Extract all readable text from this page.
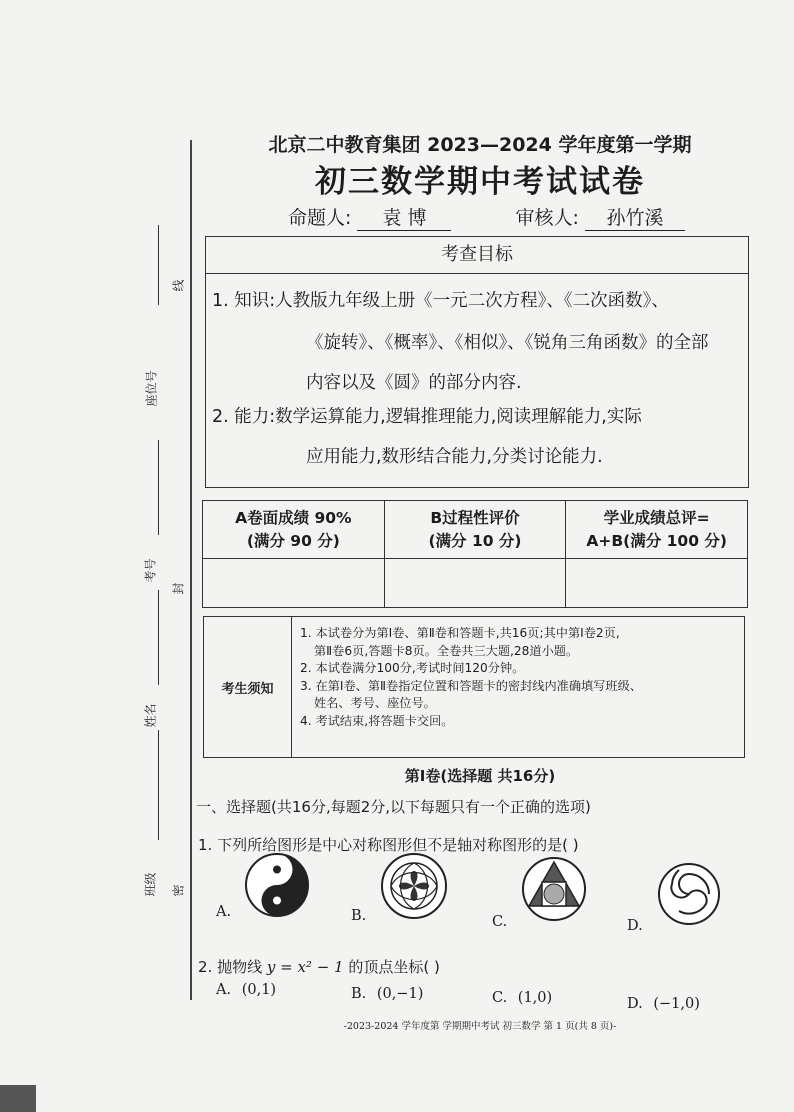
座位号
考号
姓名
班级
线
封
密
北京二中教育集团 2023—2024 学年度第一学期
初三数学期中考试试卷
命题人: 袁 博	审核人: 孙竹溪
考查目标
1. 知识:人教版九年级上册《一元二次方程》、《二次函数》、
《旋转》、《概率》、《相似》、《锐角三角函数》的全部
内容以及《圆》的部分内容.
2. 能力:数学运算能力,逻辑推理能力,阅读理解能力,实际
应用能力,数形结合能力,分类讨论能力.
A卷面成绩 90%
(满分 90 分)	B过程性评价
(满分 10 分)	学业成绩总评=
A+B(满分 100 分)

考生须知
1. 本试卷分为第Ⅰ卷、第Ⅱ卷和答题卡,共16页;其中第Ⅰ卷2页,
第Ⅱ卷6页,答题卡8页。全卷共三大题,28道小题。
2. 本试卷满分100分,考试时间120分钟。
3. 在第Ⅰ卷、第Ⅱ卷指定位置和答题卡的密封线内准确填写班级、
姓名、考号、座位号。
4. 考试结束,将答题卡交回。
第Ⅰ卷(选择题 共16分)
一、选择题(共16分,每题2分,以下每题只有一个正确的选项)
1. 下列所给图形是中心对称图形但不是轴对称图形的是( )
A.	B.	C.	D.
2. 抛物线 y = x² − 1 的顶点坐标( )
A. (0,1)	B. (0,−1)	C. (1,0)	D. (−1,0)
-2023-2024 学年度第 学期期中考试 初三数学 第 1 页(共 8 页)-
